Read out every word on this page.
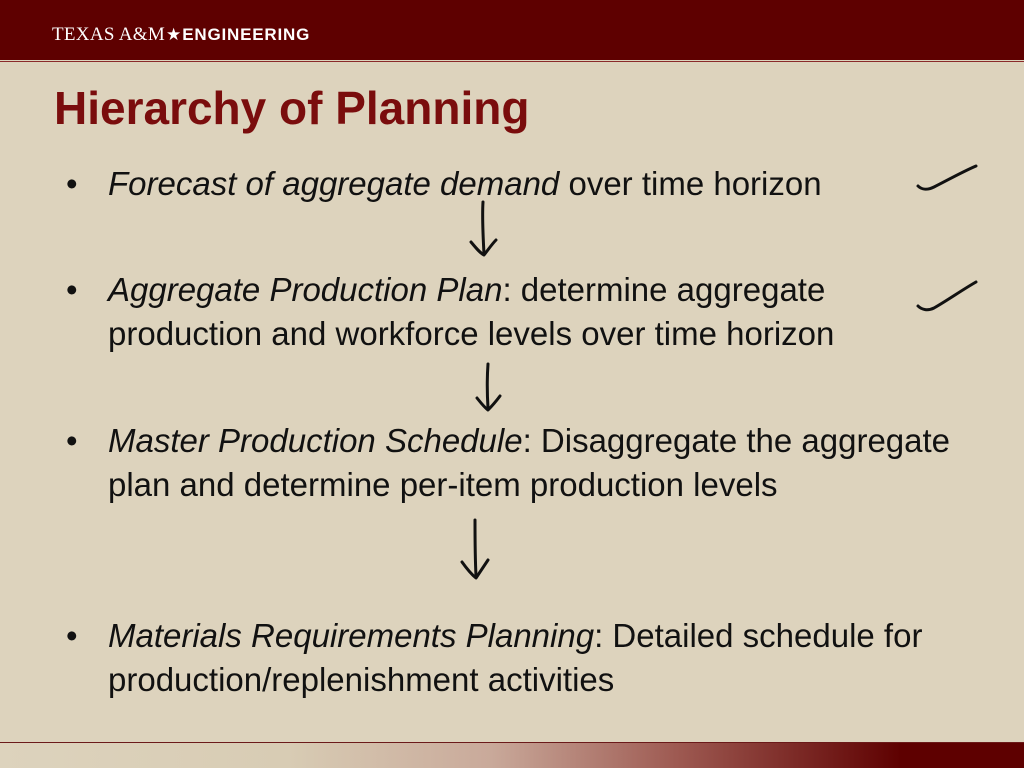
TEXAS A&M★ENGINEERING
Hierarchy of Planning
• Forecast of aggregate demand over time horizon
• Aggregate Production Plan: determine aggregate production and workforce levels over time horizon
• Master Production Schedule: Disaggregate the aggregate plan and determine per-item production levels
• Materials Requirements Planning: Detailed schedule for production/replenishment activities
